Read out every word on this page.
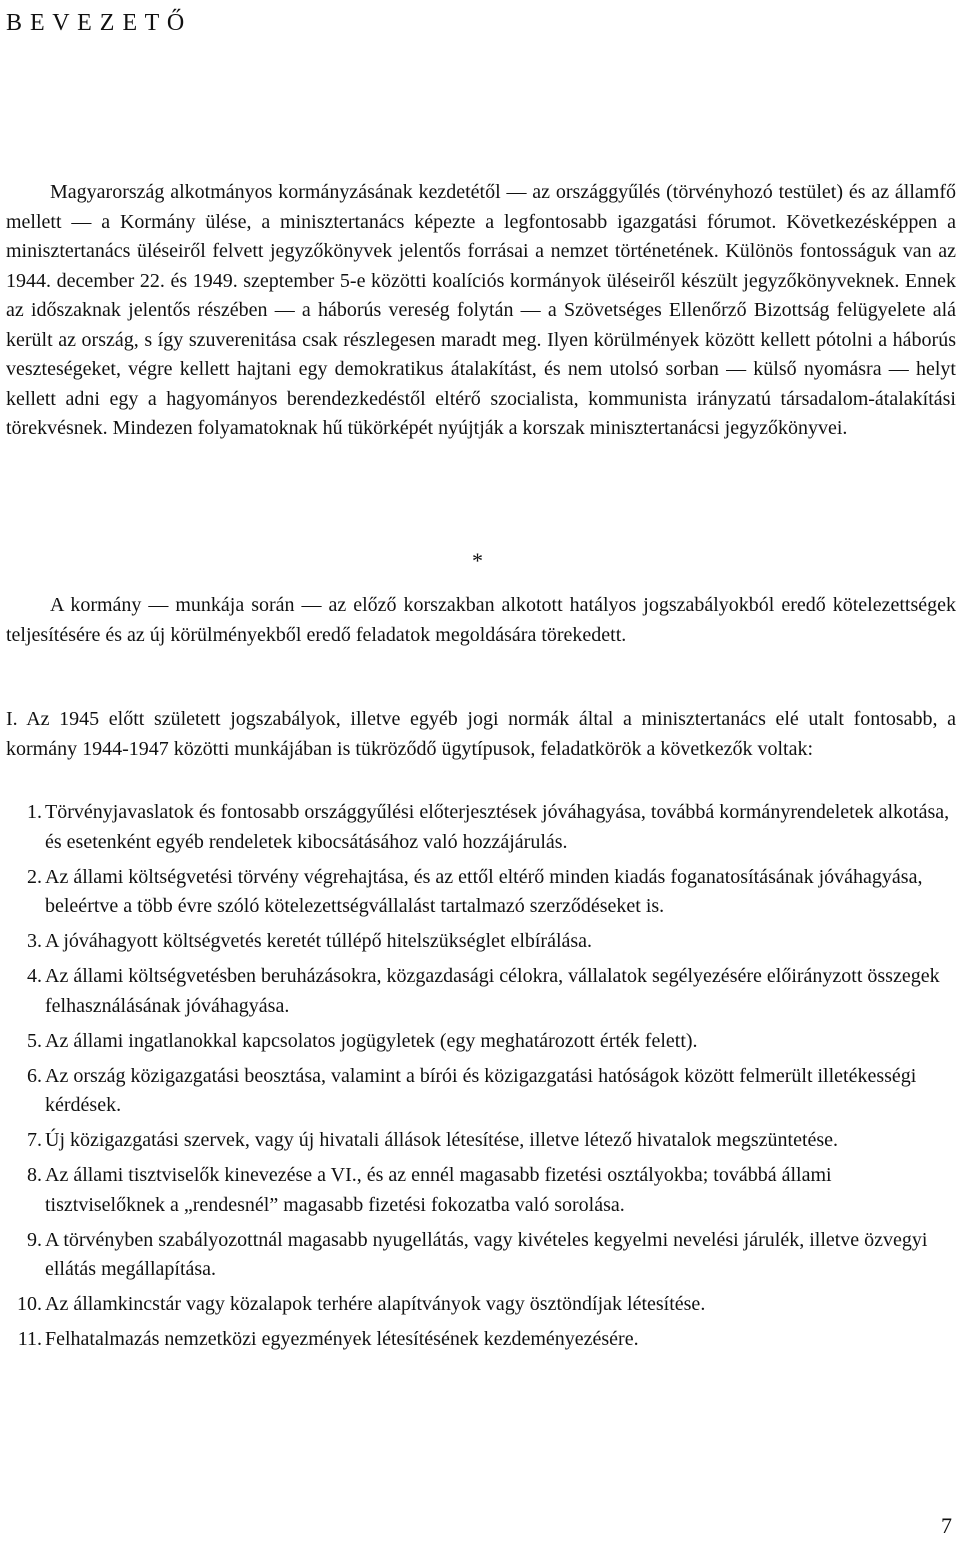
B E V E Z E T Ő

Magyarország alkotmányos kormányzásának kezdetétől — az országgyűlés (törvényhozó testület) és az államfő mellett — a Kormány ülése, a minisztertanács képezte a legfontosabb igazgatási fórumot. Következésképpen a minisztertanács üléseiről felvett jegyzőkönyvek jelentős forrásai a nemzet történetének. Különös fontosságuk van az 1944. december 22. és 1949. szeptember 5-e közötti koalíciós kormányok üléseiről készült jegyzőkönyveknek. Ennek az időszaknak jelentős részében — a háborús vereség folytán — a Szövetséges Ellenőrző Bizottság felügyelete alá került az ország, s így szuverenitása csak részlegesen maradt meg. Ilyen körülmények között kellett pótolni a háborús veszteségeket, végre kellett hajtani egy demokratikus átalakítást, és nem utolsó sorban — külső nyomásra — helyt kellett adni egy a hagyományos berendezkedéstől eltérő szocialista, kommunista irányzatú társadalom-átalakítási törekvésnek. Mindezen folyamatoknak hű tükörképét nyújtják a korszak minisztertanácsi jegyzőkönyvei.

*

A kormány — munkája során — az előző korszakban alkotott hatályos jogszabályokból eredő kötelezettségek teljesítésére és az új körülményekből eredő feladatok megoldására törekedett.

I. Az 1945 előtt született jogszabályok, illetve egyéb jogi normák által a minisztertanács elé utalt fontosabb, a kormány 1944-1947 közötti munkájában is tükröződő ügytípusok, feladatkörök a következők voltak:

1. Törvényjavaslatok és fontosabb országgyűlési előterjesztések jóváhagyása, továbbá kormányrendeletek alkotása, és esetenként egyéb rendeletek kibocsátásához való hozzájárulás.
2. Az állami költségvetési törvény végrehajtása, és az ettől eltérő minden kiadás foganatosításának jóváhagyása, beleértve a több évre szóló kötelezettségvállalást tartalmazó szerződéseket is.
3. A jóváhagyott költségvetés keretét túllépő hitelszükséglet elbírálása.
4. Az állami költségvetésben beruházásokra, közgazdasági célokra, vállalatok segélyezésére előirányzott összegek felhasználásának jóváhagyása.
5. Az állami ingatlanokkal kapcsolatos jogügyletek (egy meghatározott érték felett).
6. Az ország közigazgatási beosztása, valamint a bírói és közigazgatási hatóságok között felmerült illetékességi kérdések.
7. Új közigazgatási szervek, vagy új hivatali állások létesítése, illetve létező hivatalok megszüntetése.
8. Az állami tisztviselők kinevezése a VI., és az ennél magasabb fizetési osztályokba; továbbá állami tisztviselőknek a „rendesnél” magasabb fizetési fokozatba való sorolása.
9. A törvényben szabályozottnál magasabb nyugellátás, vagy kivételes kegyelmi nevelési járulék, illetve özvegyi ellátás megállapítása.
10. Az államkincstár vagy közalapok terhére alapítványok vagy ösztöndíjak létesítése.
11. Felhatalmazás nemzetközi egyezmények létesítésének kezdeményezésére.
7
